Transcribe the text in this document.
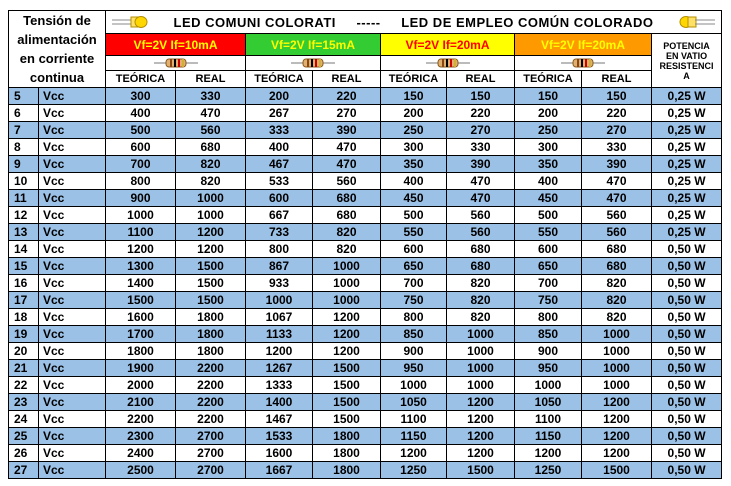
Tensión de
alimentación
en corriente
continua		LED COMUNI COLORATI ----- LED DE EMPLEO COMÚN COLORADO								

		Vf=2V If=10mA		Vf=2V If=15mA		Vf=2V If=20mA		Vf=2V If=20mA		POTENCIA
EN VATIO
RESISTENCI
A

		TEÓRICA	REAL	TEÓRICA	REAL	TEÓRICA	REAL	TEÓRICA	REAL	
5	Vcc	300	330	200	220	150	150	150	150	0,25 W
6	Vcc	400	470	267	270	200	220	200	220	0,25 W
7	Vcc	500	560	333	390	250	270	250	270	0,25 W
8	Vcc	600	680	400	470	300	330	300	330	0,25 W
9	Vcc	700	820	467	470	350	390	350	390	0,25 W
10	Vcc	800	820	533	560	400	470	400	470	0,25 W
11	Vcc	900	1000	600	680	450	470	450	470	0,25 W
12	Vcc	1000	1000	667	680	500	560	500	560	0,25 W
13	Vcc	1100	1200	733	820	550	560	550	560	0,25 W
14	Vcc	1200	1200	800	820	600	680	600	680	0,50 W
15	Vcc	1300	1500	867	1000	650	680	650	680	0,50 W
16	Vcc	1400	1500	933	1000	700	820	700	820	0,50 W
17	Vcc	1500	1500	1000	1000	750	820	750	820	0,50 W
18	Vcc	1600	1800	1067	1200	800	820	800	820	0,50 W
19	Vcc	1700	1800	1133	1200	850	1000	850	1000	0,50 W
20	Vcc	1800	1800	1200	1200	900	1000	900	1000	0,50 W
21	Vcc	1900	2200	1267	1500	950	1000	950	1000	0,50 W
22	Vcc	2000	2200	1333	1500	1000	1000	1000	1000	0,50 W
23	Vcc	2100	2200	1400	1500	1050	1200	1050	1200	0,50 W
24	Vcc	2200	2200	1467	1500	1100	1200	1100	1200	0,50 W
25	Vcc	2300	2700	1533	1800	1150	1200	1150	1200	0,50 W
26	Vcc	2400	2700	1600	1800	1200	1200	1200	1200	0,50 W
27	Vcc	2500	2700	1667	1800	1250	1500	1250	1500	0,50 W
